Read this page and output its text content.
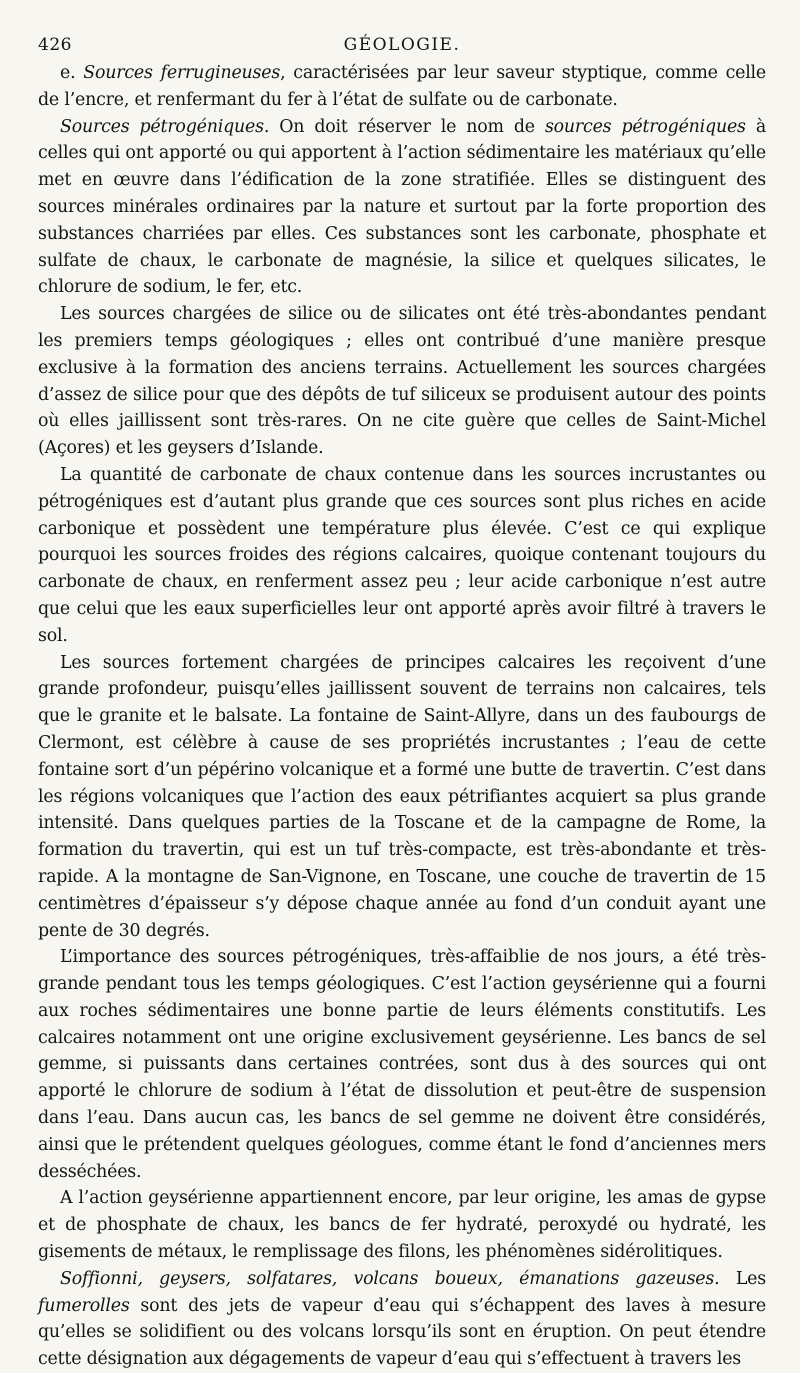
426	GÉOLOGIE.

e. Sources ferrugineuses, caractérisées par leur saveur styptique, comme celle de l’encre, et renfermant du fer à l’état de sulfate ou de carbonate.

Sources pétrogéniques. On doit réserver le nom de sources pétrogéniques à celles qui ont apporté ou qui apportent à l’action sédimentaire les matériaux qu’elle met en œuvre dans l’édification de la zone stratifiée. Elles se distinguent des sources minérales ordinaires par la nature et surtout par la forte proportion des substances charriées par elles. Ces substances sont les carbonate, phosphate et sulfate de chaux, le carbonate de magnésie, la silice et quelques silicates, le chlorure de sodium, le fer, etc.

Les sources chargées de silice ou de silicates ont été très-abondantes pendant les premiers temps géologiques ; elles ont contribué d’une manière presque exclusive à la formation des anciens terrains. Actuellement les sources chargées d’assez de silice pour que des dépôts de tuf siliceux se produisent autour des points où elles jaillissent sont très-rares. On ne cite guère que celles de Saint-Michel (Açores) et les geysers d’Islande.

La quantité de carbonate de chaux contenue dans les sources incrustantes ou pétrogéniques est d’autant plus grande que ces sources sont plus riches en acide carbonique et possèdent une température plus élevée. C’est ce qui explique pourquoi les sources froides des régions calcaires, quoique contenant toujours du carbonate de chaux, en renferment assez peu ; leur acide carbonique n’est autre que celui que les eaux superficielles leur ont apporté après avoir filtré à travers le sol.

Les sources fortement chargées de principes calcaires les reçoivent d’une grande profondeur, puisqu’elles jaillissent souvent de terrains non calcaires, tels que le granite et le balsate. La fontaine de Saint-Allyre, dans un des faubourgs de Clermont, est célèbre à cause de ses propriétés incrustantes ; l’eau de cette fontaine sort d’un pépérino volcanique et a formé une butte de travertin. C’est dans les régions volcaniques que l’action des eaux pétrifiantes acquiert sa plus grande intensité. Dans quelques parties de la Toscane et de la campagne de Rome, la formation du travertin, qui est un tuf très-compacte, est très-abondante et très-rapide. A la montagne de San-Vignone, en Toscane, une couche de travertin de 15 centimètres d’épaisseur s’y dépose chaque année au fond d’un conduit ayant une pente de 30 degrés.

L’importance des sources pétrogéniques, très-affaiblie de nos jours, a été très-grande pendant tous les temps géologiques. C’est l’action geysérienne qui a fourni aux roches sédimentaires une bonne partie de leurs éléments constitutifs. Les calcaires notamment ont une origine exclusivement geysérienne. Les bancs de sel gemme, si puissants dans certaines contrées, sont dus à des sources qui ont apporté le chlorure de sodium à l’état de dissolution et peut-être de suspension dans l’eau. Dans aucun cas, les bancs de sel gemme ne doivent être considérés, ainsi que le prétendent quelques géologues, comme étant le fond d’anciennes mers desséchées.

A l’action geysérienne appartiennent encore, par leur origine, les amas de gypse et de phosphate de chaux, les bancs de fer hydraté, peroxydé ou hydraté, les gisements de métaux, le remplissage des filons, les phénomènes sidérolitiques.

Soffionni, geysers, solfatares, volcans boueux, émanations gazeuses. Les fumerolles sont des jets de vapeur d’eau qui s’échappent des laves à mesure qu’elles se solidifient ou des volcans lorsqu’ils sont en éruption. On peut étendre cette désignation aux dégagements de vapeur d’eau qui s’effectuent à travers les
